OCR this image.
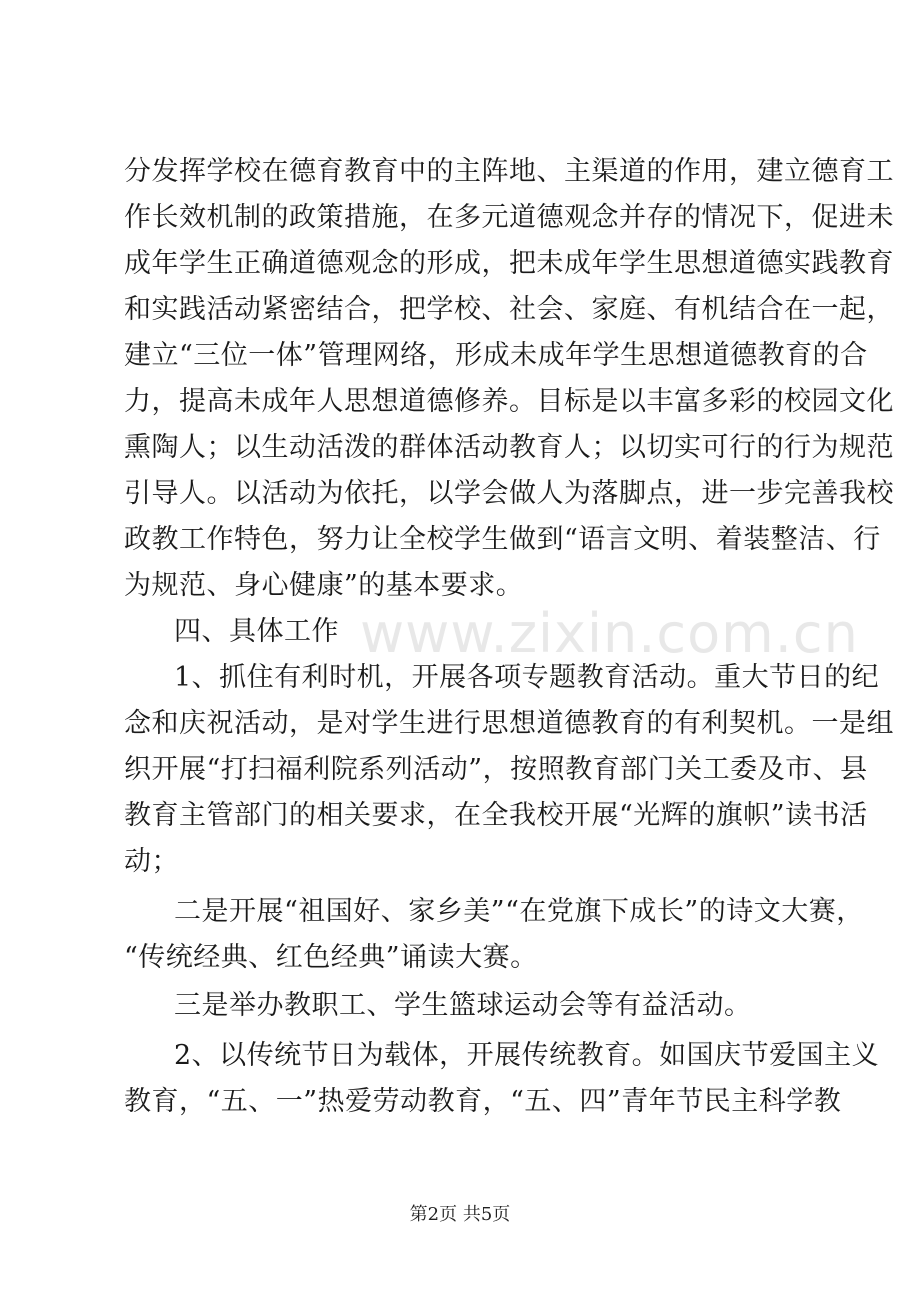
分发挥学校在德育教育中的主阵地、主渠道的作用，建立德育工
作长效机制的政策措施，在多元道德观念并存的情况下，促进未
成年学生正确道德观念的形成，把未成年学生思想道德实践教育
和实践活动紧密结合，把学校、社会、家庭、有机结合在一起，
建立“三位一体”管理网络，形成未成年学生思想道德教育的合
力，提高未成年人思想道德修养。目标是以丰富多彩的校园文化
熏陶人；以生动活泼的群体活动教育人；以切实可行的行为规范
引导人。以活动为依托，以学会做人为落脚点，进一步完善我校
政教工作特色，努力让全校学生做到“语言文明、着装整洁、行
为规范、身心健康”的基本要求。
四、具体工作
1、抓住有利时机，开展各项专题教育活动。重大节日的纪
念和庆祝活动，是对学生进行思想道德教育的有利契机。一是组
织开展“打扫福利院系列活动”，按照教育部门关工委及市、县
教育主管部门的相关要求，在全我校开展“光辉的旗帜”读书活
动；
二是开展“祖国好、家乡美”“在党旗下成长”的诗文大赛，
“传统经典、红色经典”诵读大赛。
三是举办教职工、学生篮球运动会等有益活动。
2、以传统节日为载体，开展传统教育。如国庆节爱国主义
教育，“五、一”热爱劳动教育，“五、四”青年节民主科学教
www.zixin.com.cn
第2页 共5页
